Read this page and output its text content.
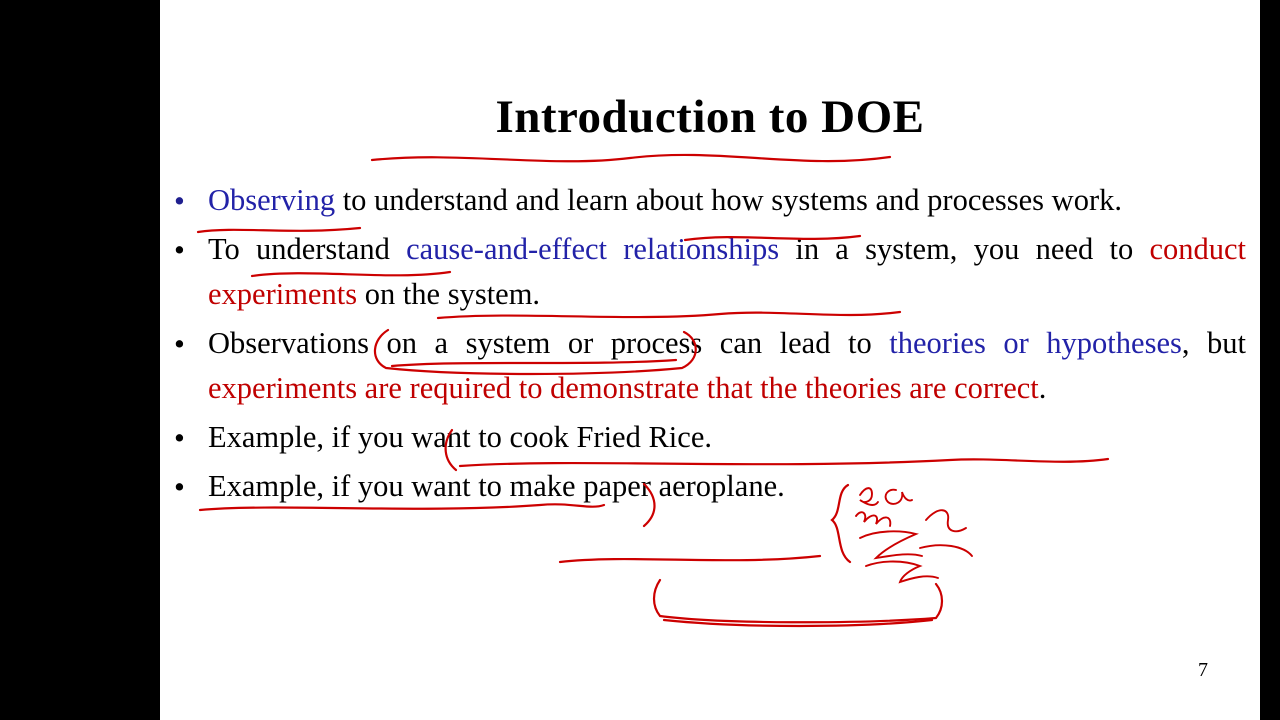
Introduction to DOE
• Observing to understand and learn about how systems and processes work.
• To understand cause-and-effect relationships in a system, you need to conduct experiments on the system.
• Observations on a system or process can lead to theories or hypotheses, but experiments are required to demonstrate that the theories are correct.
• Example, if you want to cook Fried Rice.
• Example, if you want to make paper aeroplane.
7
